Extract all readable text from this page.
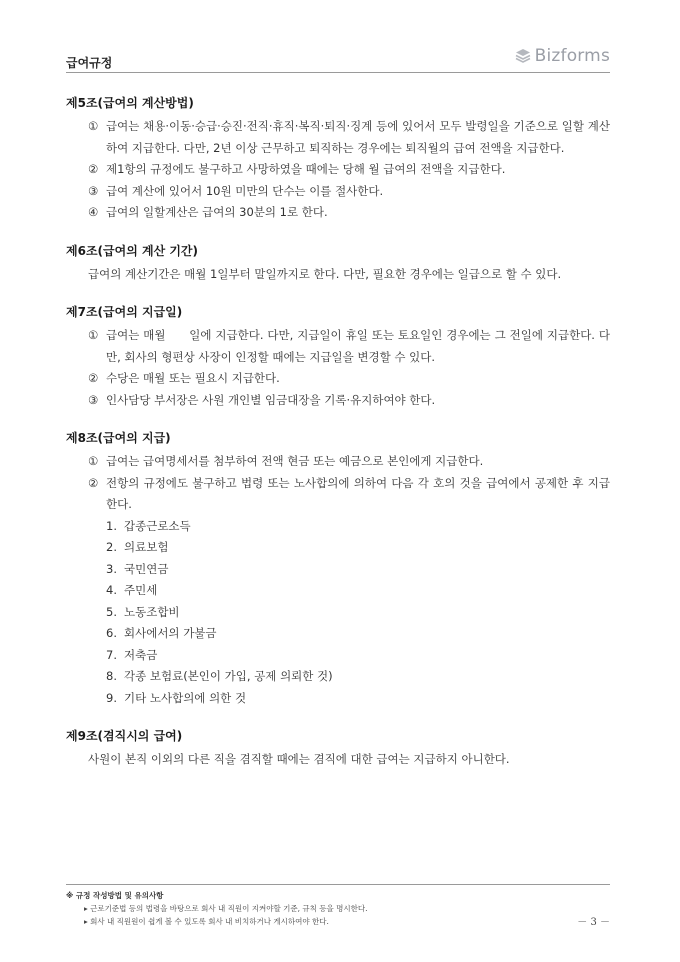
급여규정	Bizforms
제5조(급여의 계산방법)
① 급여는 채용·이동·승급·승진·전직·휴직·복직·퇴직·징계 등에 있어서 모두 발령일을 기준으로 일할 계산하여 지급한다. 다만, 2년 이상 근무하고 퇴직하는 경우에는 퇴직월의 급여 전액을 지급한다.
② 제1항의 규정에도 불구하고 사망하였을 때에는 당해 월 급여의 전액을 지급한다.
③ 급여 계산에 있어서 10원 미만의 단수는 이를 절사한다.
④ 급여의 일할계산은 급여의 30분의 1로 한다.
제6조(급여의 계산 기간)
급여의 계산기간은 매월 1일부터 말일까지로 한다. 다만, 필요한 경우에는 일급으로 할 수 있다.
제7조(급여의 지급일)
① 급여는 매월　　일에 지급한다. 다만, 지급일이 휴일 또는 토요일인 경우에는 그 전일에 지급한다. 다만, 회사의 형편상 사장이 인정할 때에는 지급일을 변경할 수 있다.
② 수당은 매월 또는 필요시 지급한다.
③ 인사담당 부서장은 사원 개인별 임금대장을 기록·유지하여야 한다.
제8조(급여의 지급)
① 급여는 급여명세서를 첨부하여 전액 현금 또는 예금으로 본인에게 지급한다.
② 전항의 규정에도 불구하고 법령 또는 노사합의에 의하여 다음 각 호의 것을 급여에서 공제한 후 지급한다.
1. 갑종근로소득
2. 의료보험
3. 국민연금
4. 주민세
5. 노동조합비
6. 회사에서의 가불금
7. 저축금
8. 각종 보험료(본인이 가입, 공제 의뢰한 것)
9. 기타 노사합의에 의한 것
제9조(겸직시의 급여)
사원이 본직 이외의 다른 직을 겸직할 때에는 겸직에 대한 급여는 지급하지 아니한다.
※ 규정 작성방법 및 유의사항
▸ 근로기준법 등의 법령을 바탕으로 회사 내 직원이 지켜야할 기준, 규칙 등을 명시한다.
▸ 회사 내 직원원이 쉽게 볼 수 있도록 회사 내 비치하거나 게시하여야 한다.	－ 3 －
